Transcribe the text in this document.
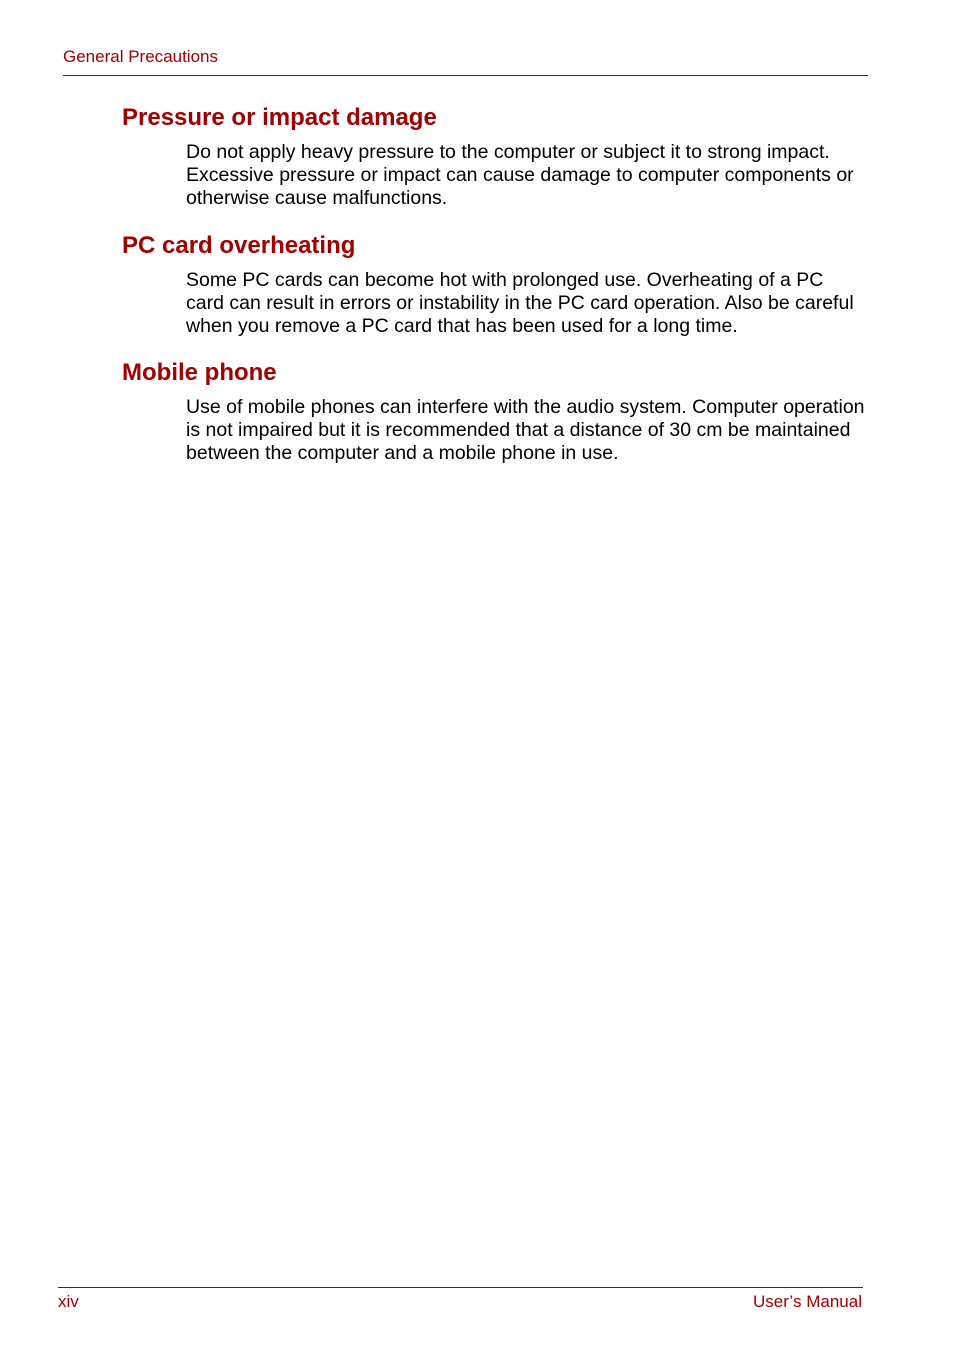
General Precautions
Pressure or impact damage

Do not apply heavy pressure to the computer or subject it to strong impact. Excessive pressure or impact can cause damage to computer components or otherwise cause malfunctions.

PC card overheating

Some PC cards can become hot with prolonged use. Overheating of a PC card can result in errors or instability in the PC card operation. Also be careful when you remove a PC card that has been used for a long time.

Mobile phone

Use of mobile phones can interfere with the audio system. Computer operation is not impaired but it is recommended that a distance of 30 cm be maintained between the computer and a mobile phone in use.

xiv	User’s Manual
